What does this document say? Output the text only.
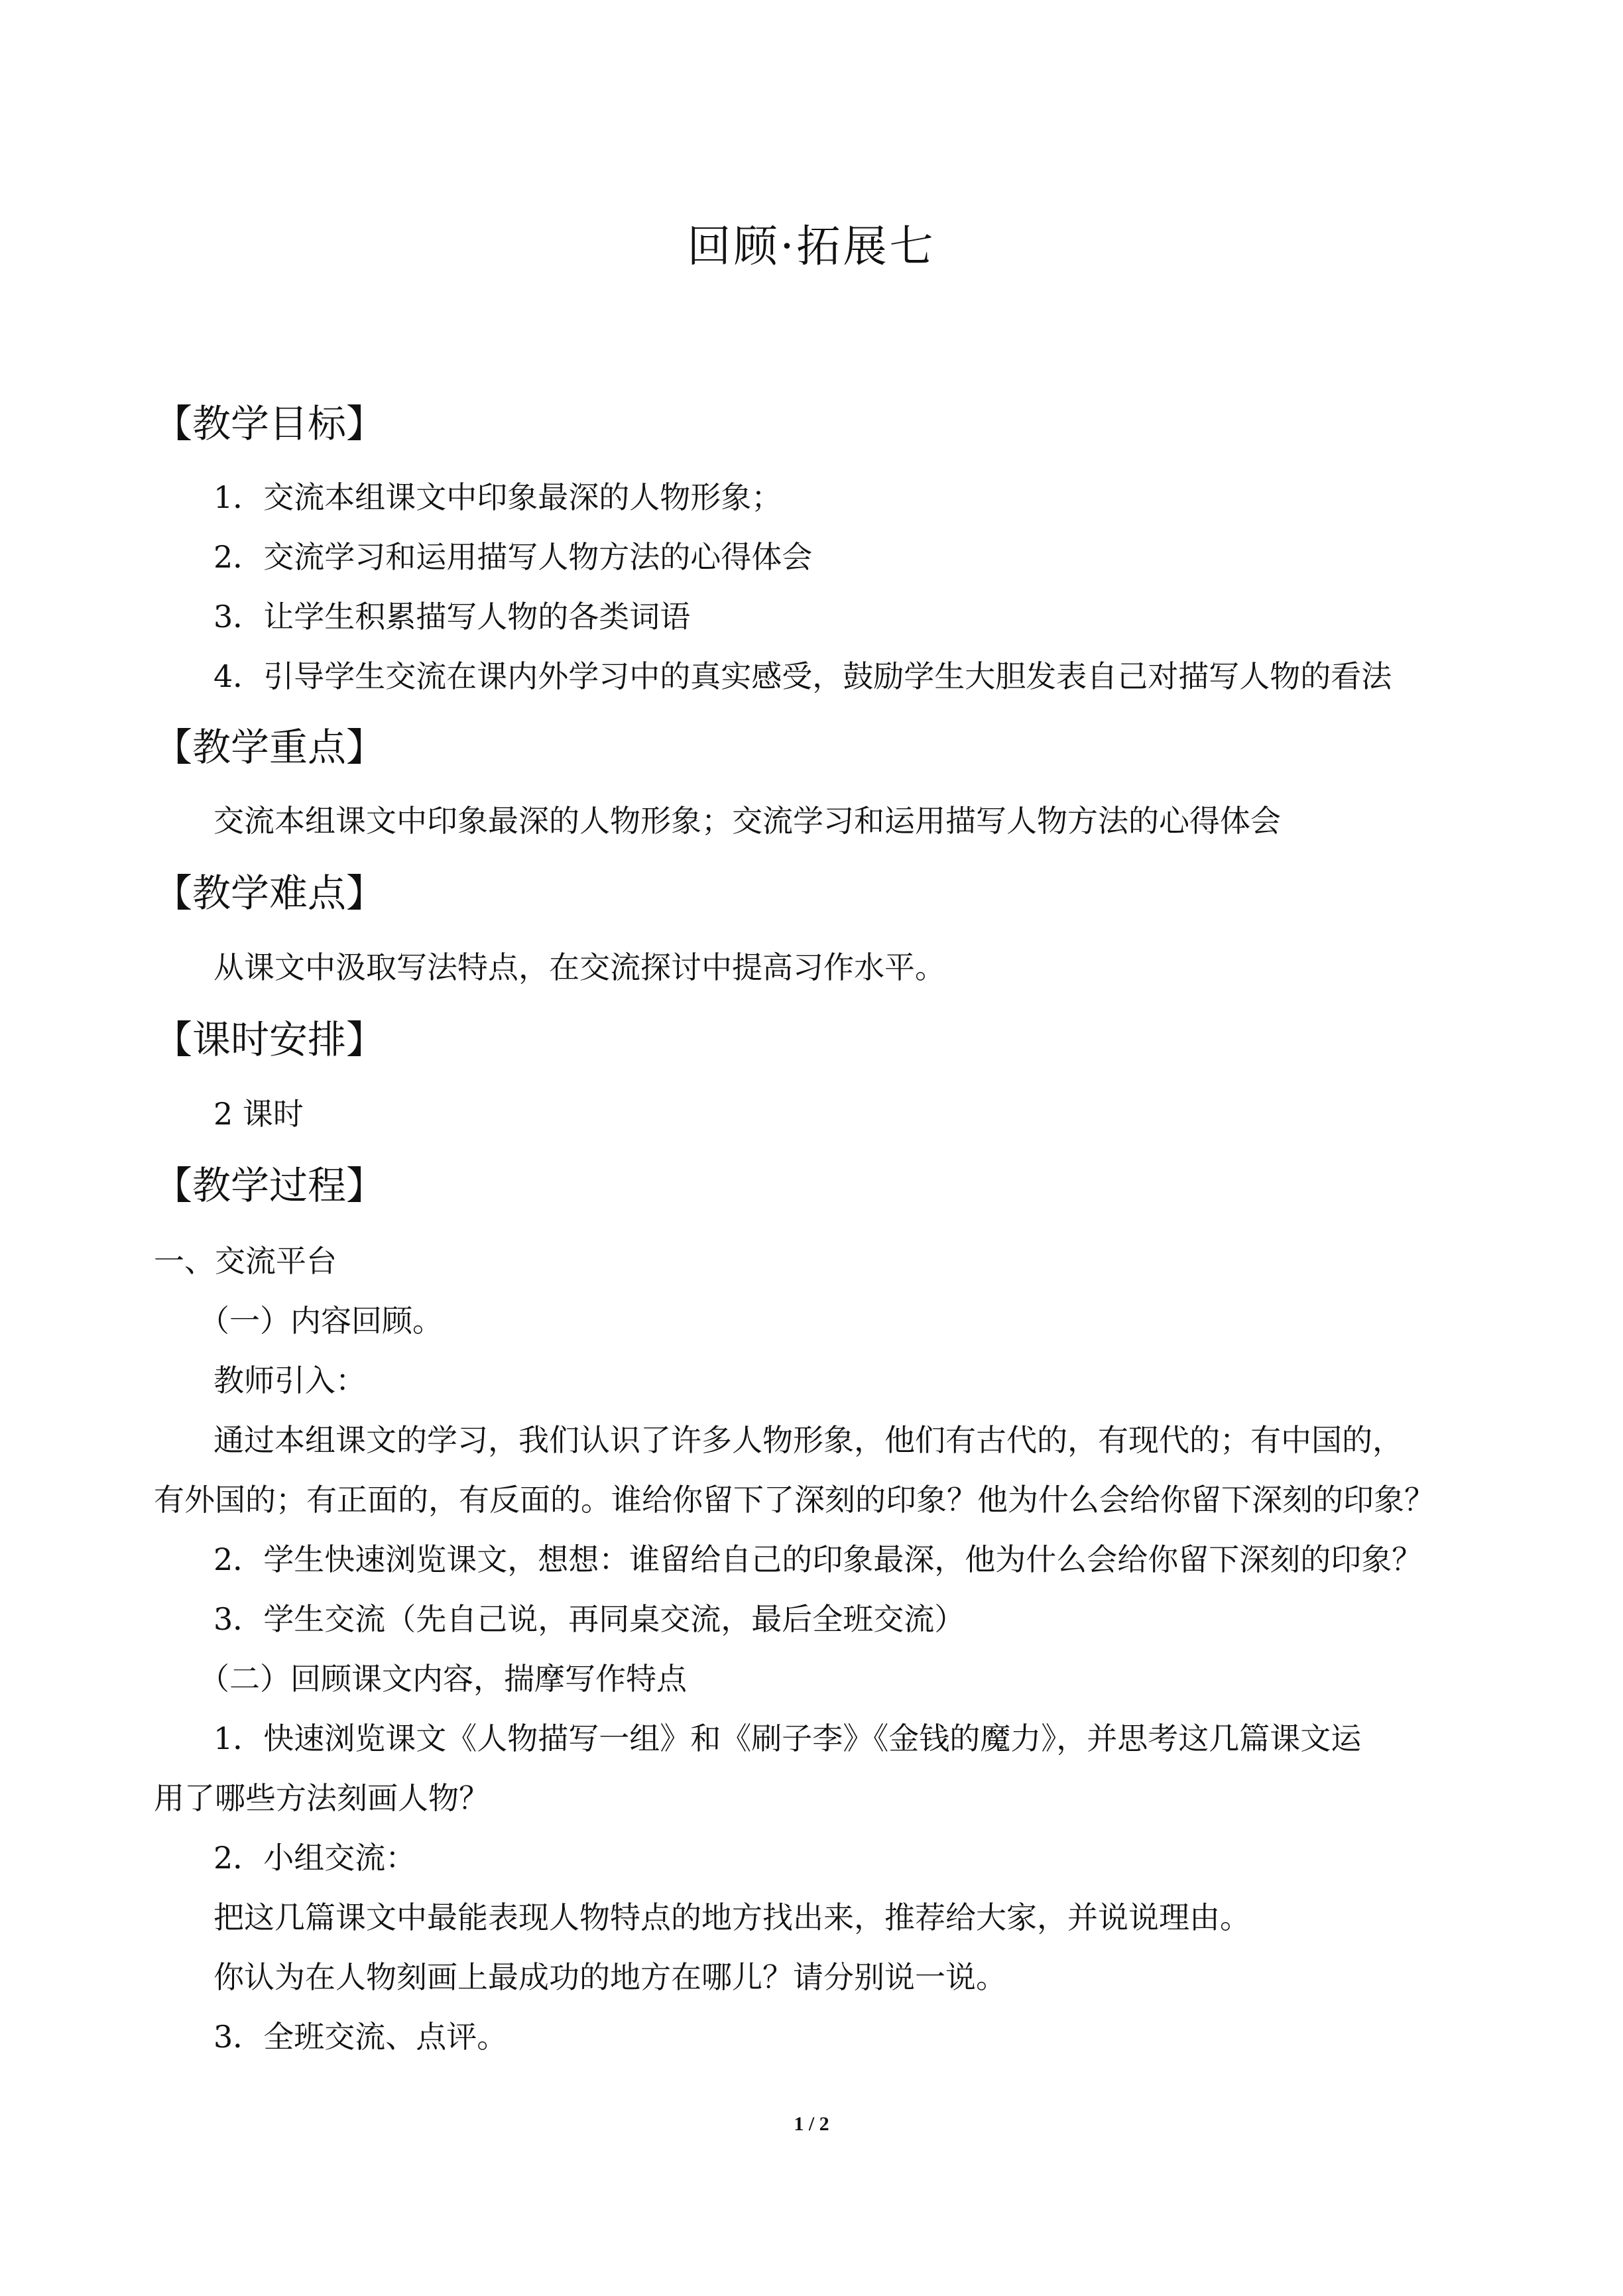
回顾·拓展七
【教学目标】
1．交流本组课文中印象最深的人物形象；
2．交流学习和运用描写人物方法的心得体会
3．让学生积累描写人物的各类词语
4．引导学生交流在课内外学习中的真实感受，鼓励学生大胆发表自己对描写人物的看法
【教学重点】
交流本组课文中印象最深的人物形象；交流学习和运用描写人物方法的心得体会
【教学难点】
从课文中汲取写法特点，在交流探讨中提高习作水平。
【课时安排】
2 课时
【教学过程】
一、交流平台
（一）内容回顾。
教师引入：
通过本组课文的学习，我们认识了许多人物形象，他们有古代的，有现代的；有中国的，
有外国的；有正面的，有反面的。谁给你留下了深刻的印象？他为什么会给你留下深刻的印象？
2．学生快速浏览课文，想想：谁留给自己的印象最深，他为什么会给你留下深刻的印象？
3．学生交流（先自己说，再同桌交流，最后全班交流）
（二）回顾课文内容，揣摩写作特点
1．快速浏览课文《人物描写一组》和《刷子李》《金钱的魔力》，并思考这几篇课文运
用了哪些方法刻画人物？
2．小组交流：
把这几篇课文中最能表现人物特点的地方找出来，推荐给大家，并说说理由。
你认为在人物刻画上最成功的地方在哪儿？请分别说一说。
3．全班交流、点评。
1 / 2
